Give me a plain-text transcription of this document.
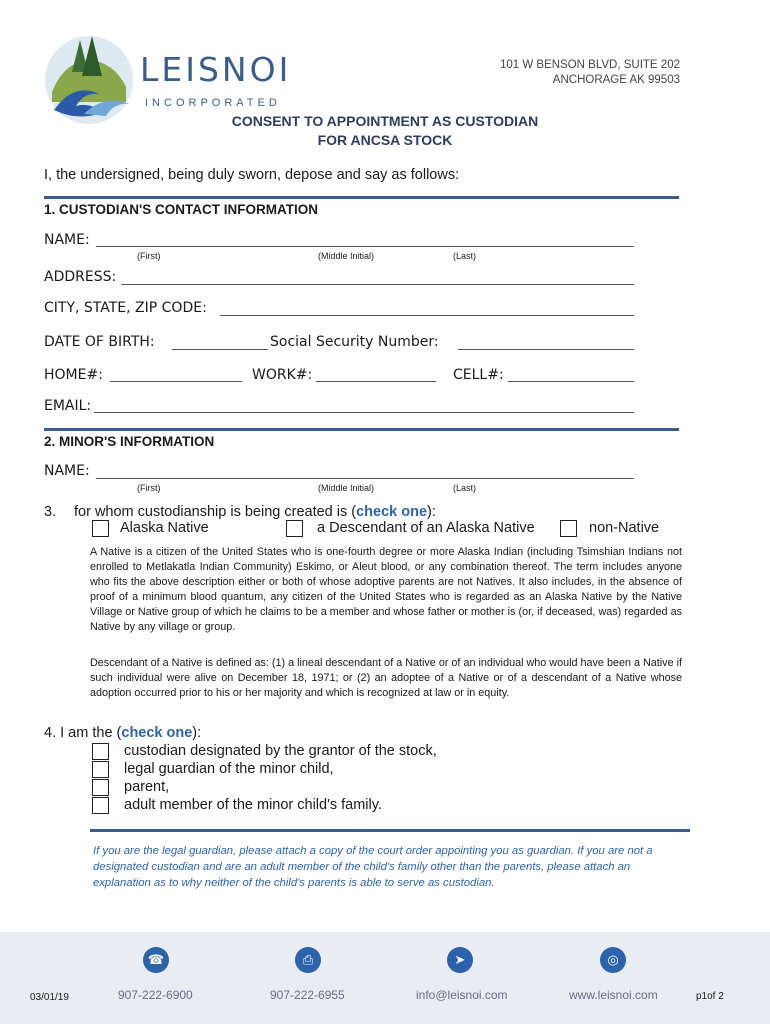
LEISNOI
INCORPORATED
101 W BENSON BLVD, SUITE 202
ANCHORAGE AK 99503
CONSENT TO APPOINTMENT AS CUSTODIAN
FOR ANCSA STOCK
I, the undersigned, being duly sworn, depose and say as follows:
1. CUSTODIAN'S CONTACT INFORMATION
NAME:
(First)	(Middle Initial)	(Last)
ADDRESS:
CITY, STATE, ZIP CODE:
DATE OF BIRTH:	Social Security Number:
HOME#:	WORK#:	CELL#:
EMAIL:
2. MINOR'S INFORMATION
NAME:
(First)	(Middle Initial)	(Last)
3. for whom custodianship is being created is (check one):
Alaska Native	a Descendant of an Alaska Native	non-Native
A Native is a citizen of the United States who is one-fourth degree or more Alaska Indian (including Tsimshian Indians not enrolled to Metlakatla Indian Community) Eskimo, or Aleut blood, or any combination thereof. The term includes anyone who fits the above description either or both of whose adoptive parents are not Natives. It also includes, in the absence of proof of a minimum blood quantum, any citizen of the United States who is regarded as an Alaska Native by the Native Village or Native group of which he claims to be a member and whose father or mother is (or, if deceased, was) regarded as Native by any village or group.
Descendant of a Native is defined as: (1) a lineal descendant of a Native or of an individual who would have been a Native if such individual were alive on December 18, 1971; or (2) an adoptee of a Native or of a descendant of a Native whose adoption occurred prior to his or her majority and which is recognized at law or in equity.
4. I am the (check one):
custodian designated by the grantor of the stock,
legal guardian of the minor child,
parent,
adult member of the minor child's family.
If you are the legal guardian, please attach a copy of the court order appointing you as guardian. If you are not a designated custodian and are an adult member of the child's family other than the parents, please attach an explanation as to why neither of the child's parents is able to serve as custodian.
☎	⎙	➤	◎
03/01/19	907-222-6900	907-222-6955	info@leisnoi.com	www.leisnoi.com	p1of 2
